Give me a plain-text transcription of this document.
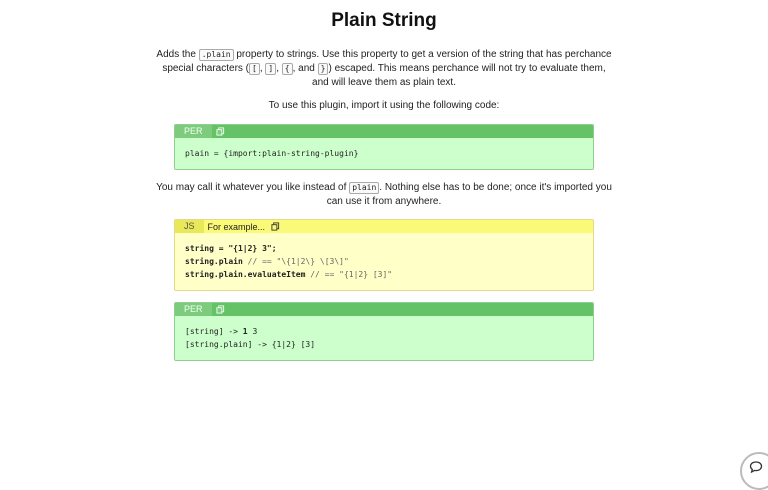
Plain String

Adds the .plain property to strings. Use this property to get a version of the string that has perchance special characters ( [ , ] , { , and } ) escaped. This means perchance will not try to evaluate them, and will leave them as plain text.

To use this plugin, import it using the following code:

PER
plain = {import:plain-string-plugin}

You may call it whatever you like instead of plain . Nothing else has to be done; once it's imported you can use it from anywhere.

JS	For example...
string = "{1|2} 3";
string.plain // == "\{1|2\} \[3\]"
string.plain.evaluateItem // == "{1|2} [3]"
PER
[string] -> 1 3
[string.plain] -> {1|2} [3]
